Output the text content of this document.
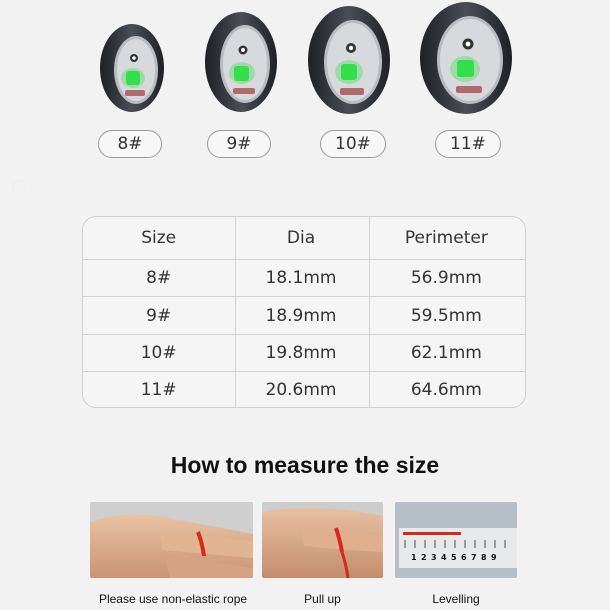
8#	9#	10#	11#
Size	Dia	Perimeter
8#	18.1mm	56.9mm
9#	18.9mm	59.5mm
10#	19.8mm	62.1mm
11#	20.6mm	64.6mm
How to measure the size
1 2 3 4 5 6 7 8 9
Please use non-elastic rope	Pull up	Levelling
